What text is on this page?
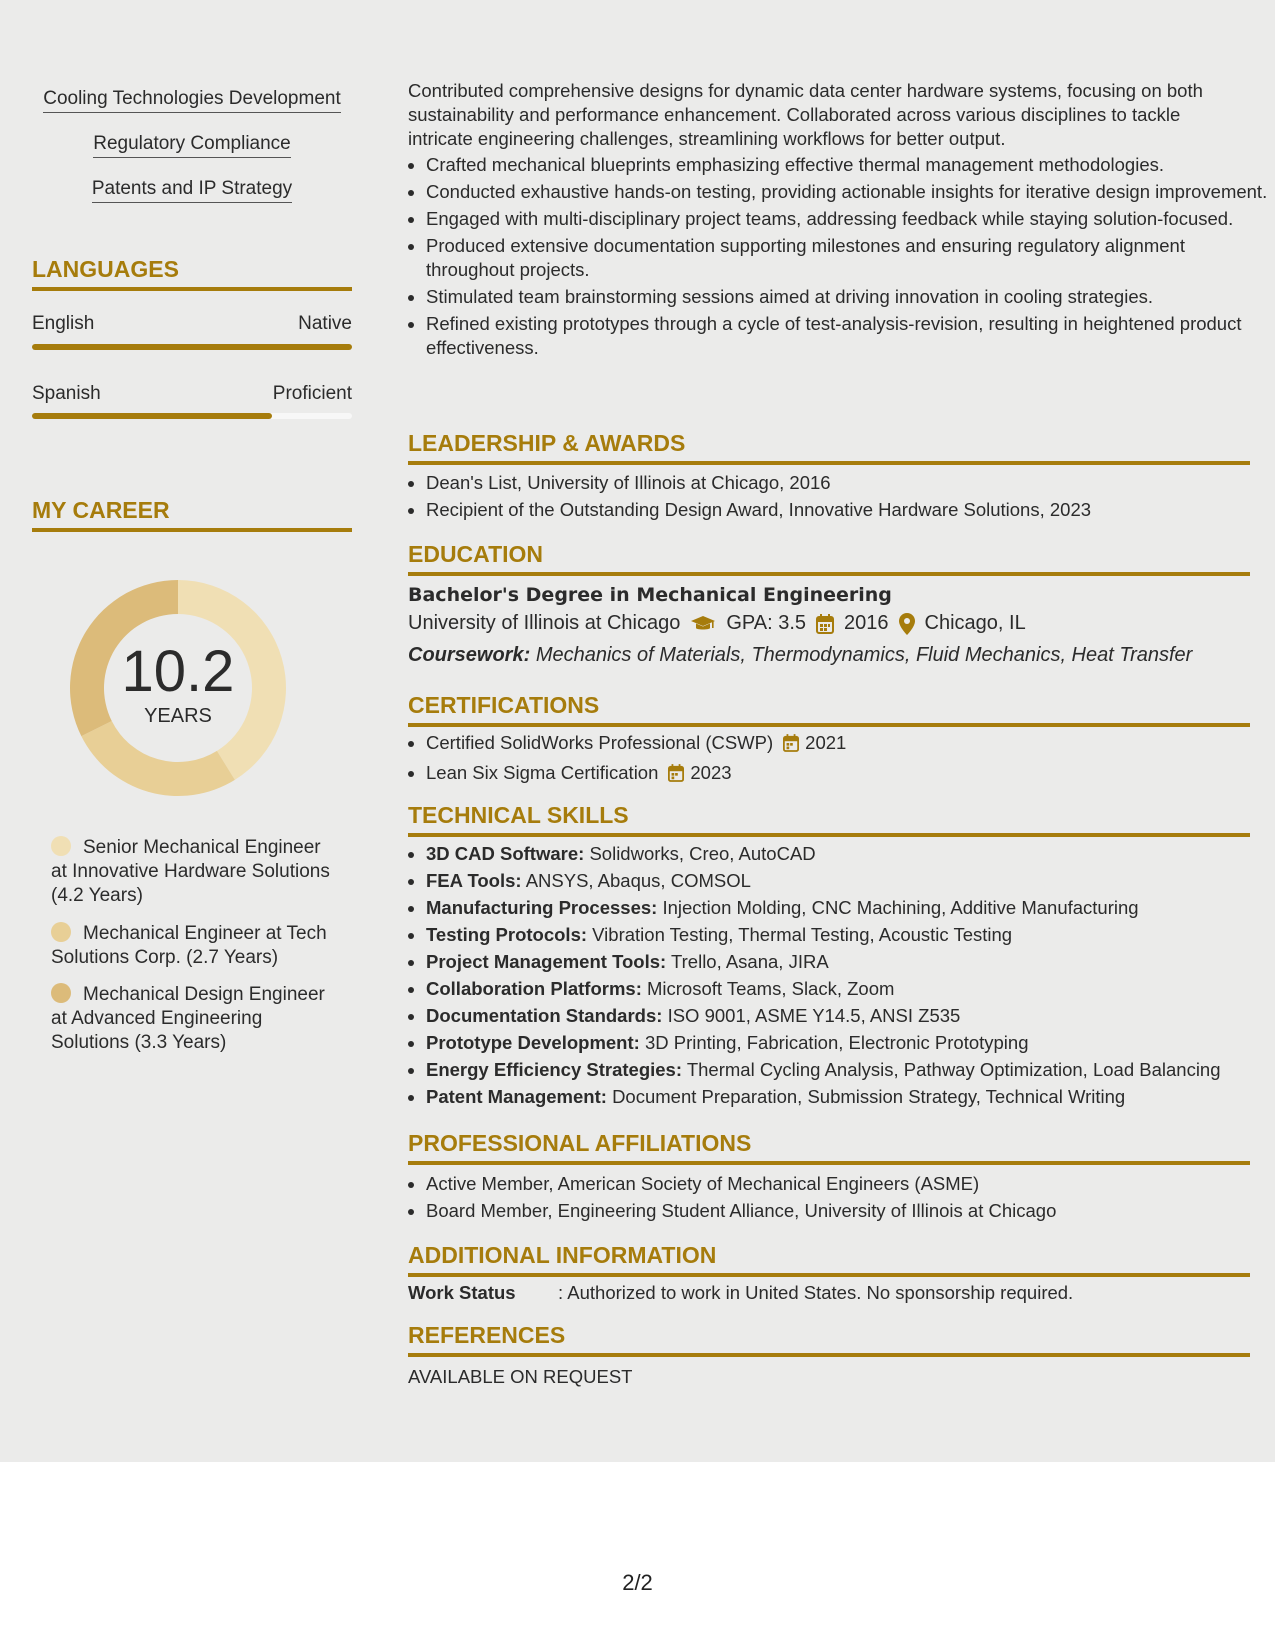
Cooling Technologies Development
Regulatory Compliance
Patents and IP Strategy
LANGUAGES
English	Native
Spanish	Proficient
MY CAREER
10.2
YEARS
Senior Mechanical Engineer at Innovative Hardware Solutions (4.2 Years)
Mechanical Engineer at Tech Solutions Corp. (2.7 Years)
Mechanical Design Engineer at Advanced Engineering Solutions (3.3 Years)
Contributed comprehensive designs for dynamic data center hardware systems, focusing on both sustainability and performance enhancement. Collaborated across various disciplines to tackle intricate engineering challenges, streamlining workflows for better output.
• Crafted mechanical blueprints emphasizing effective thermal management methodologies.
• Conducted exhaustive hands-on testing, providing actionable insights for iterative design improvement.
• Engaged with multi-disciplinary project teams, addressing feedback while staying solution-focused.
• Produced extensive documentation supporting milestones and ensuring regulatory alignment throughout projects.
• Stimulated team brainstorming sessions aimed at driving innovation in cooling strategies.
• Refined existing prototypes through a cycle of test-analysis-revision, resulting in heightened product effectiveness.
LEADERSHIP & AWARDS
• Dean's List, University of Illinois at Chicago, 2016
• Recipient of the Outstanding Design Award, Innovative Hardware Solutions, 2023
EDUCATION
Bachelor's Degree in Mechanical Engineering
University of Illinois at Chicago GPA: 3.5 2016 Chicago, IL
Coursework: Mechanics of Materials, Thermodynamics, Fluid Mechanics, Heat Transfer
CERTIFICATIONS
• Certified SolidWorks Professional (CSWP) 2021
• Lean Six Sigma Certification 2023
TECHNICAL SKILLS
• 3D CAD Software: Solidworks, Creo, AutoCAD
• FEA Tools: ANSYS, Abaqus, COMSOL
• Manufacturing Processes: Injection Molding, CNC Machining, Additive Manufacturing
• Testing Protocols: Vibration Testing, Thermal Testing, Acoustic Testing
• Project Management Tools: Trello, Asana, JIRA
• Collaboration Platforms: Microsoft Teams, Slack, Zoom
• Documentation Standards: ISO 9001, ASME Y14.5, ANSI Z535
• Prototype Development: 3D Printing, Fabrication, Electronic Prototyping
• Energy Efficiency Strategies: Thermal Cycling Analysis, Pathway Optimization, Load Balancing
• Patent Management: Document Preparation, Submission Strategy, Technical Writing
PROFESSIONAL AFFILIATIONS
• Active Member, American Society of Mechanical Engineers (ASME)
• Board Member, Engineering Student Alliance, University of Illinois at Chicago
ADDITIONAL INFORMATION
Work Status	: Authorized to work in United States. No sponsorship required.
REFERENCES
AVAILABLE ON REQUEST
2/2
